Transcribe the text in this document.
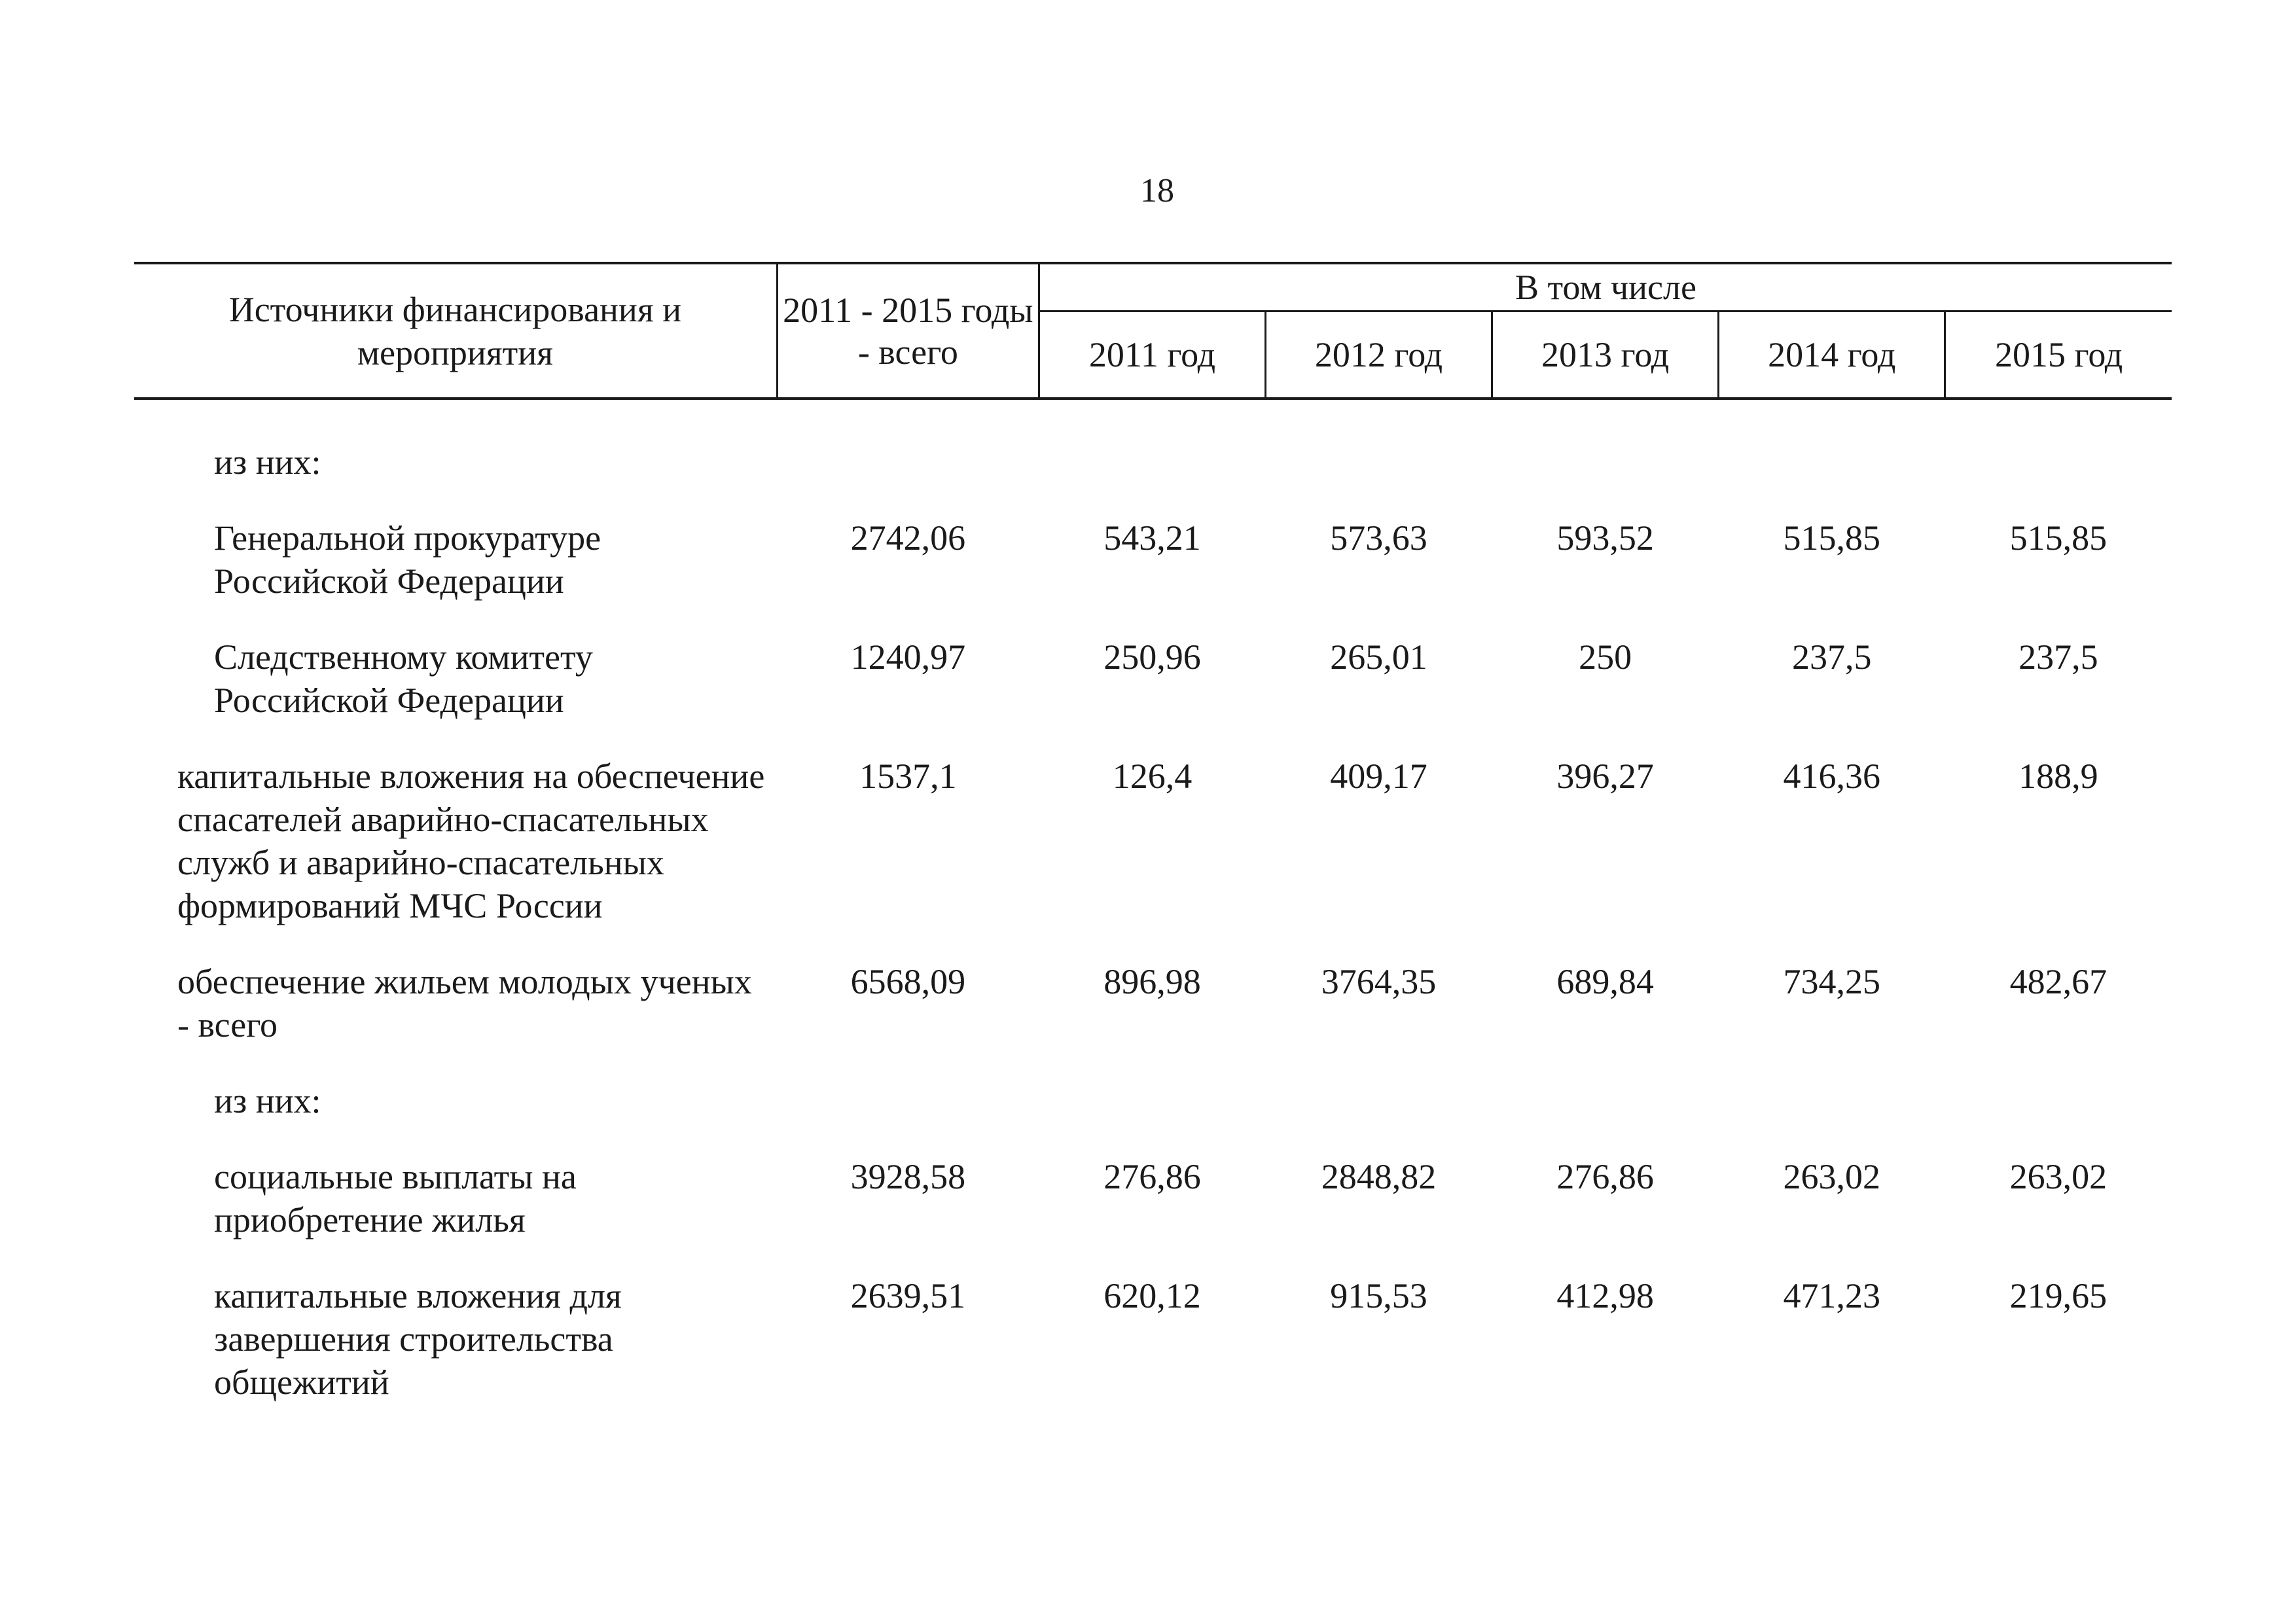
18
Источники финансирования и мероприятия	2011 - 2015 годы - всего	В том числе				
		2011 год	2012 год	2013 год	2014 год	2015 год
из них:						
Генеральной прокуратуре Российской Федерации	2742,06	543,21	573,63	593,52	515,85	515,85
Следственному комитету Российской Федерации	1240,97	250,96	265,01	250	237,5	237,5
капитальные вложения на обеспечение спасателей аварийно-спасательных служб и аварийно-спасательных формирований МЧС России	1537,1	126,4	409,17	396,27	416,36	188,9
обеспечение жильем молодых ученых - всего	6568,09	896,98	3764,35	689,84	734,25	482,67
из них:						
социальные выплаты на приобретение жилья	3928,58	276,86	2848,82	276,86	263,02	263,02
капитальные вложения для завершения строительства общежитий	2639,51	620,12	915,53	412,98	471,23	219,65
